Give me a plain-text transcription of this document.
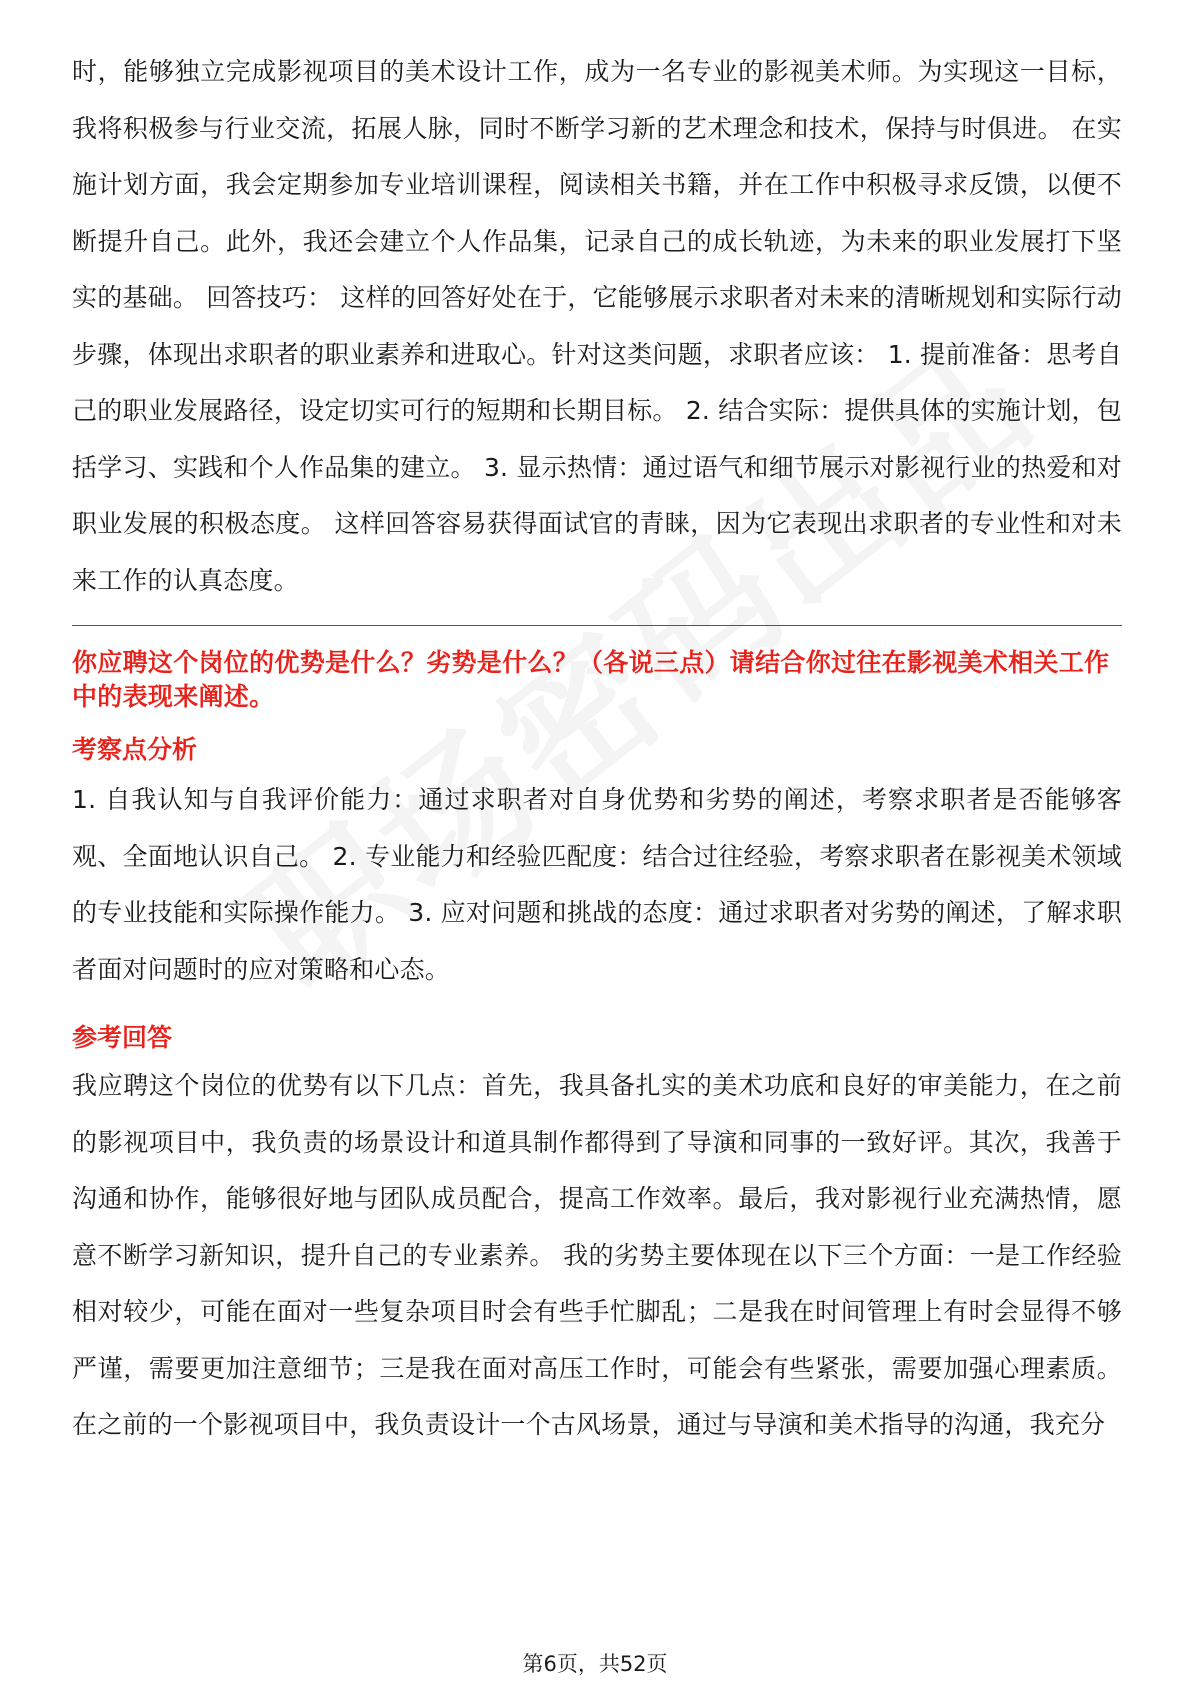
时，能够独立完成影视项目的美术设计工作，成为一名专业的影视美术师。为实现这一目标，我将积极参与行业交流，拓展人脉，同时不断学习新的艺术理念和技术，保持与时俱进。 在实施计划方面，我会定期参加专业培训课程，阅读相关书籍，并在工作中积极寻求反馈，以便不断提升自己。此外，我还会建立个人作品集，记录自己的成长轨迹，为未来的职业发展打下坚实的基础。 回答技巧： 这样的回答好处在于，它能够展示求职者对未来的清晰规划和实际行动步骤，体现出求职者的职业素养和进取心。针对这类问题，求职者应该： 1. 提前准备：思考自己的职业发展路径，设定切实可行的短期和长期目标。 2. 结合实际：提供具体的实施计划，包括学习、实践和个人作品集的建立。 3. 显示热情：通过语气和细节展示对影视行业的热爱和对职业发展的积极态度。 这样回答容易获得面试官的青睐，因为它表现出求职者的专业性和对未来工作的认真态度。

你应聘这个岗位的优势是什么？劣势是什么？（各说三点）请结合你过往在影视美术相关工作中的表现来阐述。
考察点分析

1. 自我认知与自我评价能力：通过求职者对自身优势和劣势的阐述，考察求职者是否能够客观、全面地认识自己。 2. 专业能力和经验匹配度：结合过往经验，考察求职者在影视美术领域的专业技能和实际操作能力。 3. 应对问题和挑战的态度：通过求职者对劣势的阐述，了解求职者面对问题时的应对策略和心态。

参考回答

我应聘这个岗位的优势有以下几点：首先，我具备扎实的美术功底和良好的审美能力，在之前的影视项目中，我负责的场景设计和道具制作都得到了导演和同事的一致好评。其次，我善于沟通和协作，能够很好地与团队成员配合，提高工作效率。最后，我对影视行业充满热情，愿意不断学习新知识，提升自己的专业素养。 我的劣势主要体现在以下三个方面：一是工作经验相对较少，可能在面对一些复杂项目时会有些手忙脚乱；二是我在时间管理上有时会显得不够严谨，需要更加注意细节；三是我在面对高压工作时，可能会有些紧张，需要加强心理素质。 在之前的一个影视项目中，我负责设计一个古风场景，通过与导演和美术指导的沟通，我充分

第6页，共52页
